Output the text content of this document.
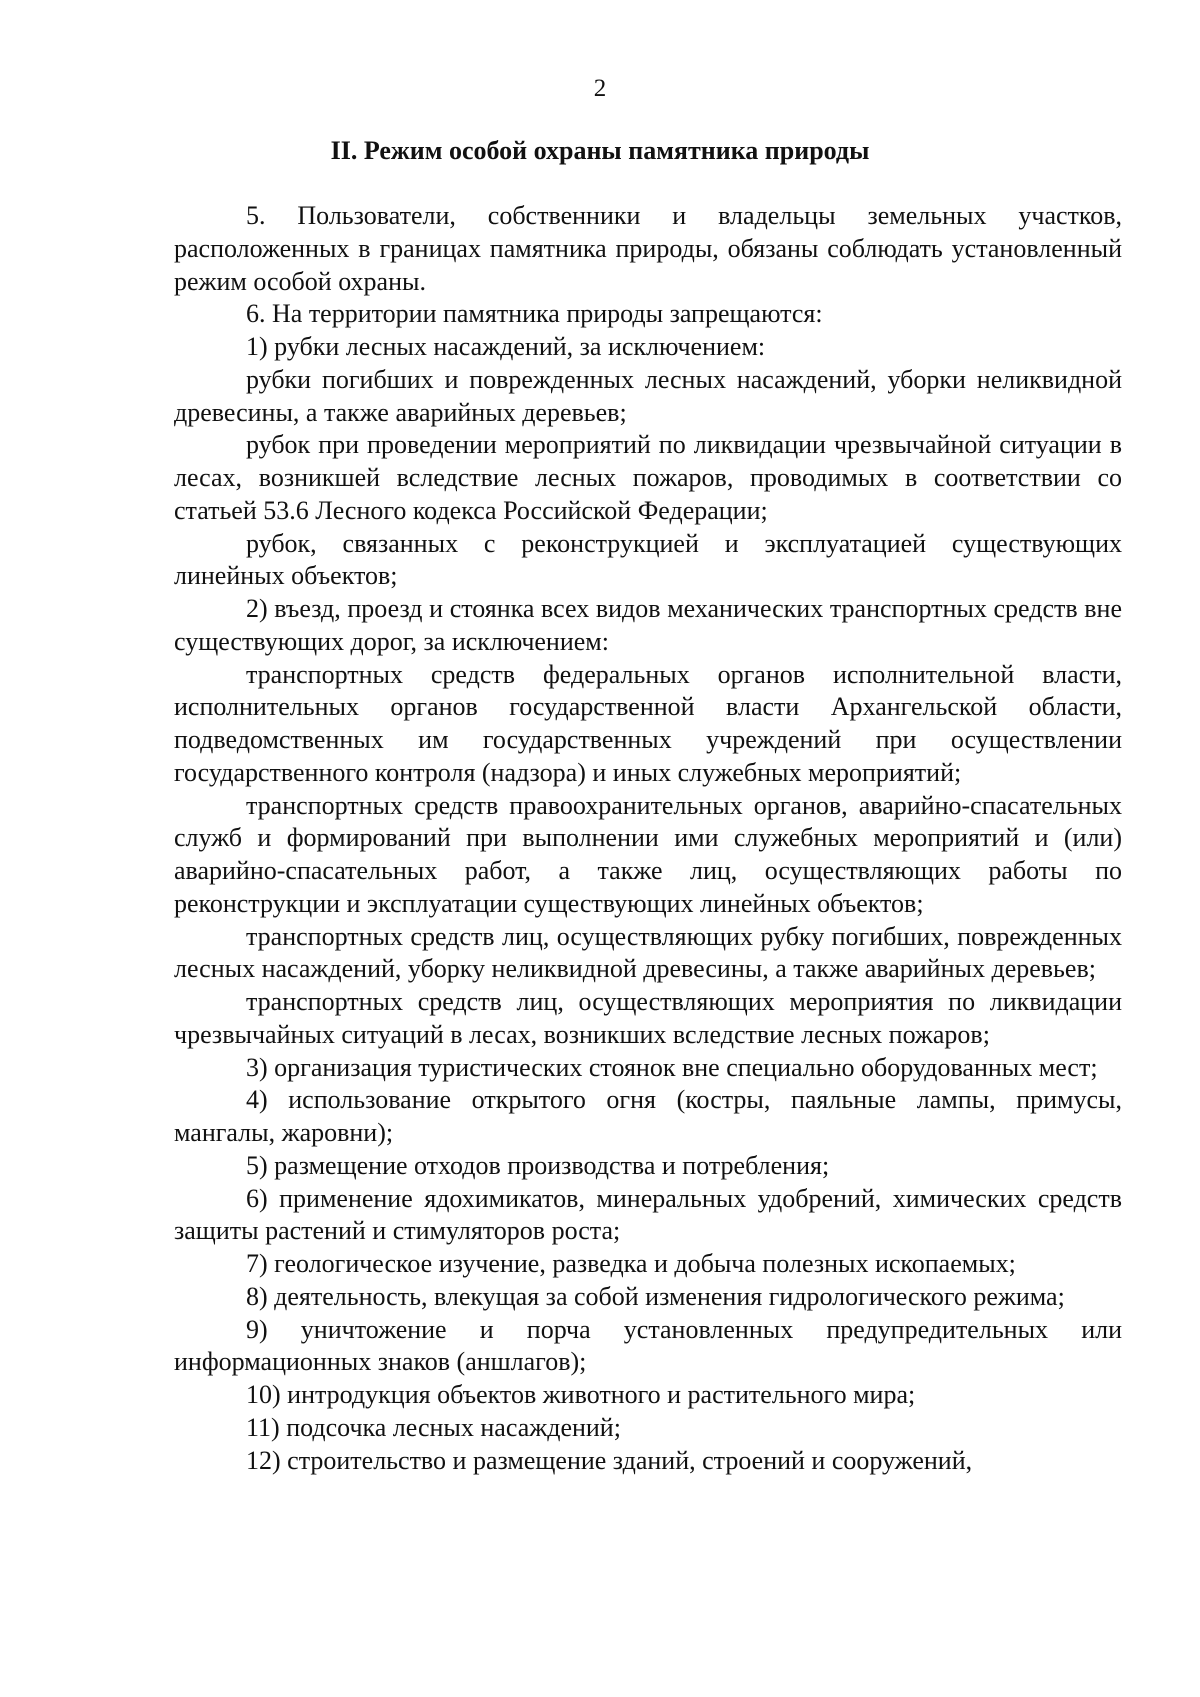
2
II. Режим особой охраны памятника природы

5. Пользователи, собственники и владельцы земельных участков, расположенных в границах памятника природы, обязаны соблюдать установленный режим особой охраны.

6. На территории памятника природы запрещаются:

1) рубки лесных насаждений, за исключением:

рубки погибших и поврежденных лесных насаждений, уборки неликвидной древесины, а также аварийных деревьев;

рубок при проведении мероприятий по ликвидации чрезвычайной ситуации в лесах, возникшей вследствие лесных пожаров, проводимых в соответствии со статьей 53.6 Лесного кодекса Российской Федерации;

рубок, связанных с реконструкцией и эксплуатацией существующих линейных объектов;

2) въезд, проезд и стоянка всех видов механических транспортных средств вне существующих дорог, за исключением:

транспортных средств федеральных органов исполнительной власти, исполнительных органов государственной власти Архангельской области, подведомственных им государственных учреждений при осуществлении государственного контроля (надзора) и иных служебных мероприятий;

транспортных средств правоохранительных органов, аварийно-спасательных служб и формирований при выполнении ими служебных мероприятий и (или) аварийно-спасательных работ, а также лиц, осуществляющих работы по реконструкции и эксплуатации существующих линейных объектов;

транспортных средств лиц, осуществляющих рубку погибших, поврежденных лесных насаждений, уборку неликвидной древесины, а также аварийных деревьев;

транспортных средств лиц, осуществляющих мероприятия по ликвидации чрезвычайных ситуаций в лесах, возникших вследствие лесных пожаров;

3) организация туристических стоянок вне специально оборудованных мест;

4) использование открытого огня (костры, паяльные лампы, примусы, мангалы, жаровни);

5) размещение отходов производства и потребления;

6) применение ядохимикатов, минеральных удобрений, химических средств защиты растений и стимуляторов роста;

7) геологическое изучение, разведка и добыча полезных ископаемых;

8) деятельность, влекущая за собой изменения гидрологического режима;

9) уничтожение и порча установленных предупредительных или информационных знаков (аншлагов);

10) интродукция объектов животного и растительного мира;

11) подсочка лесных насаждений;

12) строительство и размещение зданий, строений и сооружений,
